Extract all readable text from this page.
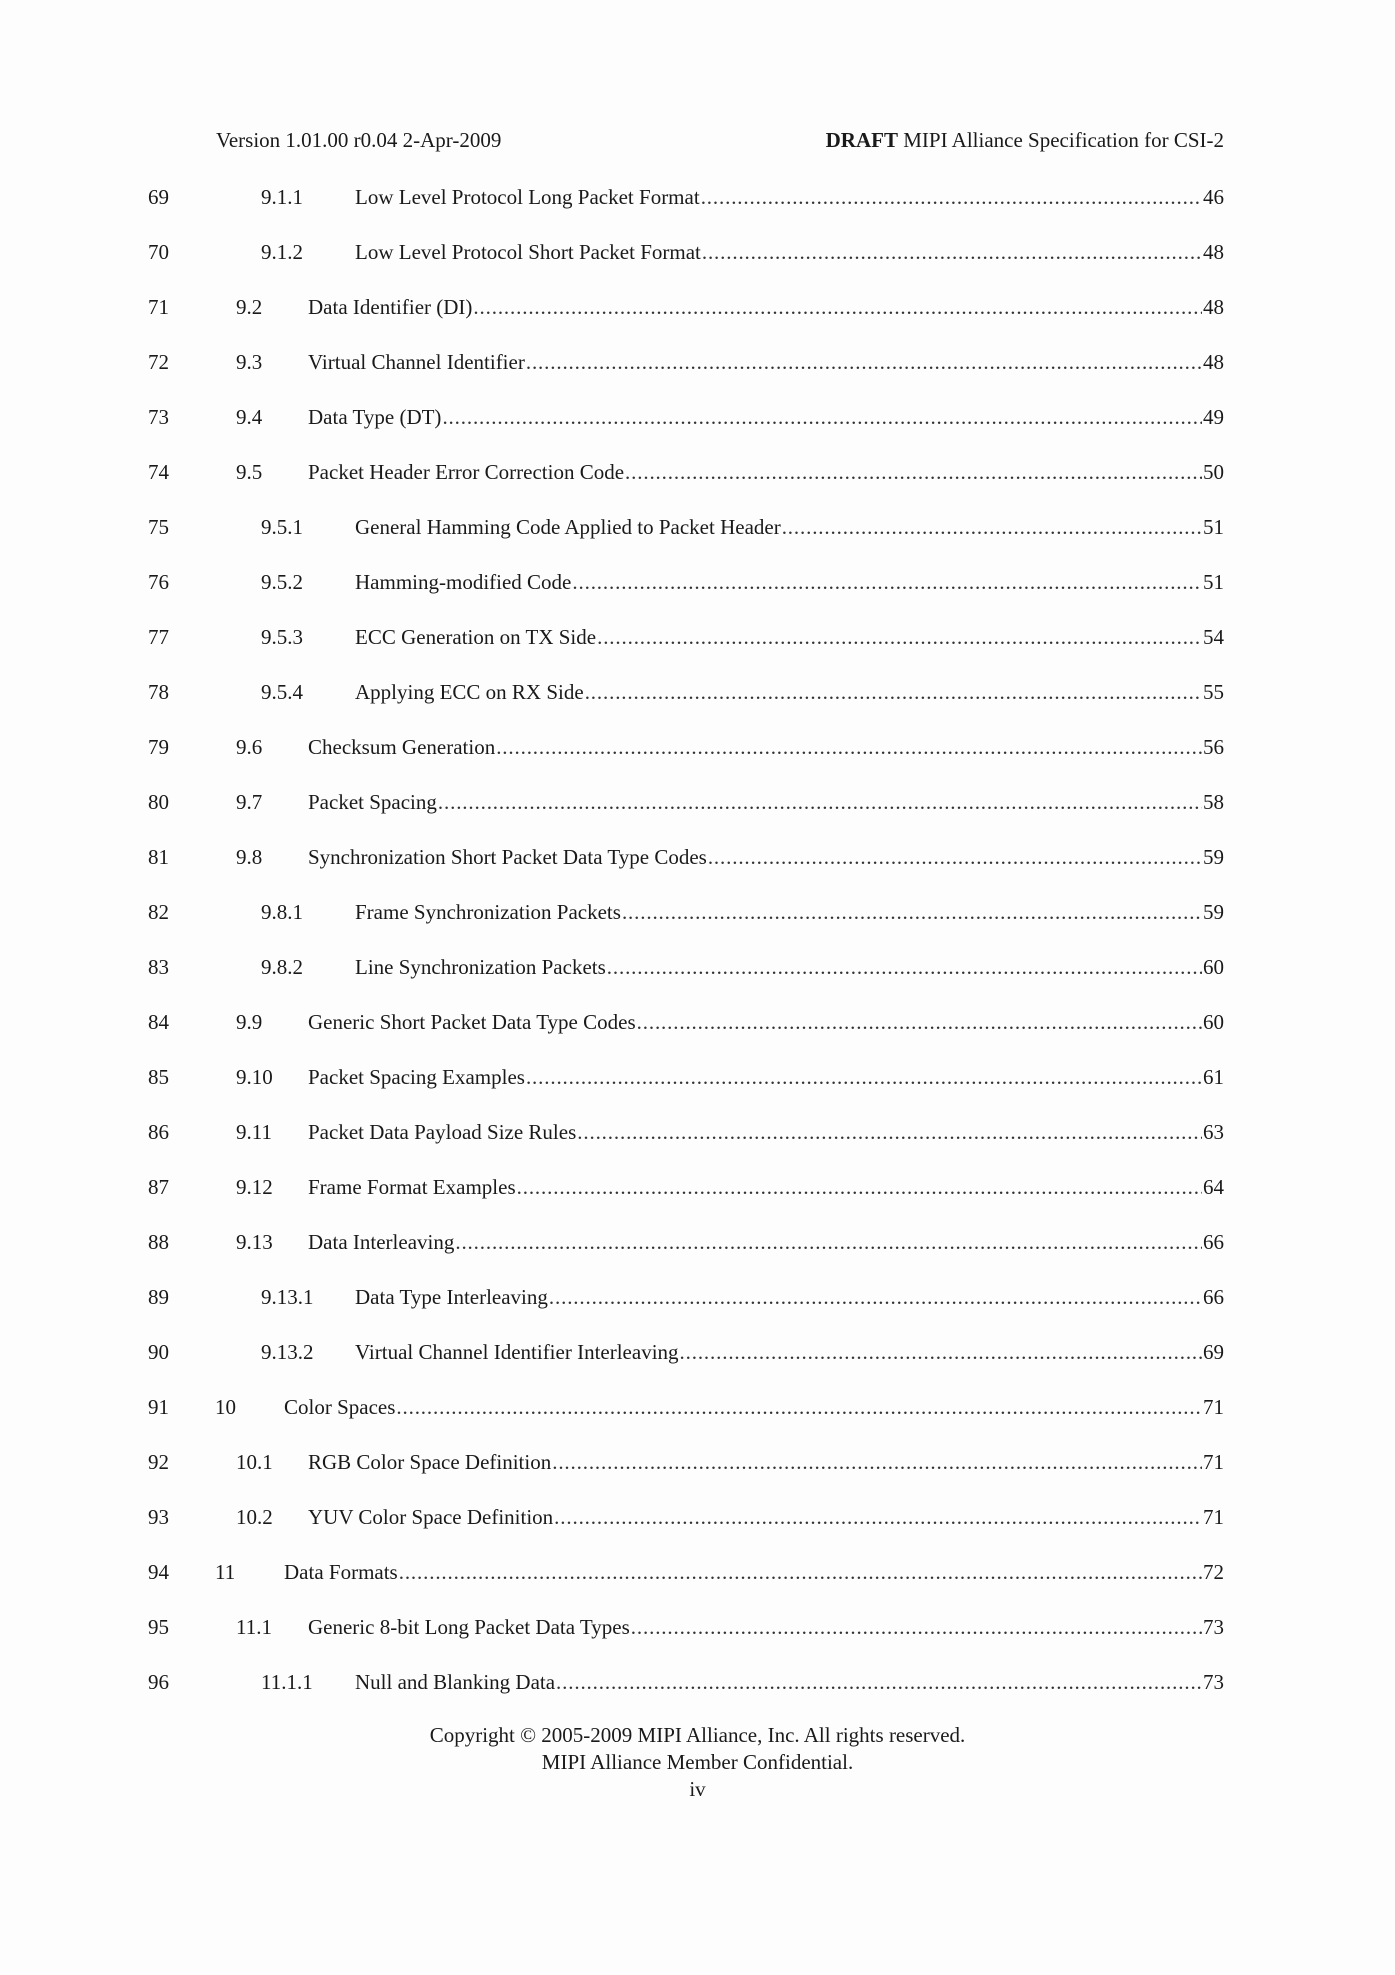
Version 1.01.00 r0.04 2-Apr-2009	DRAFT MIPI Alliance Specification for CSI-2
69	9.1.1 Low Level Protocol Long Packet Format . . .	46
70	9.1.2 Low Level Protocol Short Packet Format . . .	48
71	9.2 Data Identifier (DI) . . .	48
72	9.3 Virtual Channel Identifier . . .	48
73	9.4 Data Type (DT) . . .	49
74	9.5 Packet Header Error Correction Code . . .	50
75	9.5.1 General Hamming Code Applied to Packet Header . . .	51
76	9.5.2 Hamming-modified Code . . .	51
77	9.5.3 ECC Generation on TX Side . . .	54
78	9.5.4 Applying ECC on RX Side . . .	55
79	9.6 Checksum Generation . . .	56
80	9.7 Packet Spacing . . .	58
81	9.8 Synchronization Short Packet Data Type Codes . . .	59
82	9.8.1 Frame Synchronization Packets . . .	59
83	9.8.2 Line Synchronization Packets . . .	60
84	9.9 Generic Short Packet Data Type Codes . . .	60
85	9.10 Packet Spacing Examples . . .	61
86	9.11 Packet Data Payload Size Rules . . .	63
87	9.12 Frame Format Examples . . .	64
88	9.13 Data Interleaving . . .	66
89	9.13.1 Data Type Interleaving . . .	66
90	9.13.2 Virtual Channel Identifier Interleaving . . .	69
91	10 Color Spaces . . .	71
92	10.1 RGB Color Space Definition . . .	71
93	10.2 YUV Color Space Definition . . .	71
94	11 Data Formats . . .	72
95	11.1 Generic 8-bit Long Packet Data Types . . .	73
96	11.1.1 Null and Blanking Data . . .	73
Copyright © 2005-2009 MIPI Alliance, Inc. All rights reserved.
MIPI Alliance Member Confidential.
iv
